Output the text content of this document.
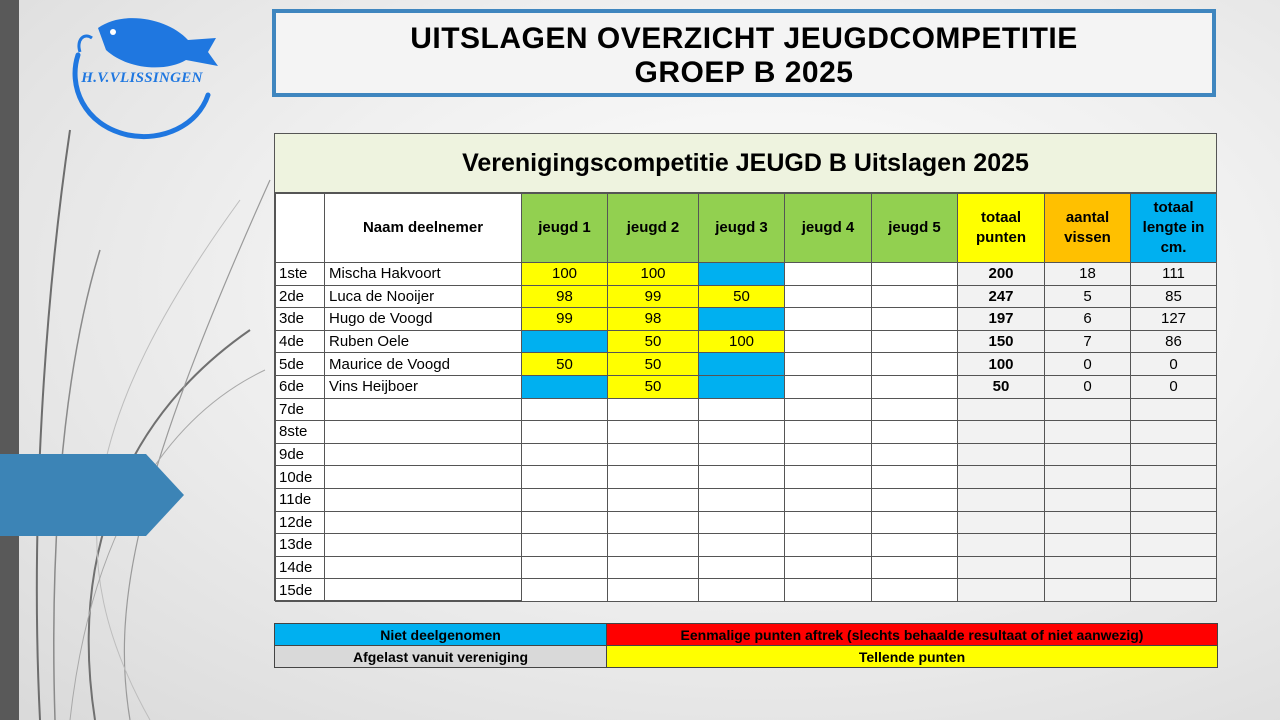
H.V.VLISSINGEN
UITSLAGEN OVERZICHT JEUGDCOMPETITIE
GROEP B 2025
Verenigingscompetitie JEUGD B Uitslagen 2025
	Naam deelnemer	jeugd 1	jeugd 2	jeugd 3	jeugd 4	jeugd 5	totaal punten	aantal vissen	totaal lengte in cm.
1ste	Mischa Hakvoort	100	100				200	18	111
2de	Luca de Nooijer	98	99	50			247	5	85
3de	Hugo de Voogd	99	98				197	6	127
4de	Ruben Oele		50	100			150	7	86
5de	Maurice de Voogd	50	50				100	0	0
6de	Vins Heijboer		50				50	0	0
7de									
8ste									
9de									
10de									
11de									
12de									
13de									
14de									
15de									
Niet deelgenomen	Eenmalige punten aftrek (slechts behaalde resultaat of niet aanwezig)
Afgelast vanuit vereniging	Tellende punten
